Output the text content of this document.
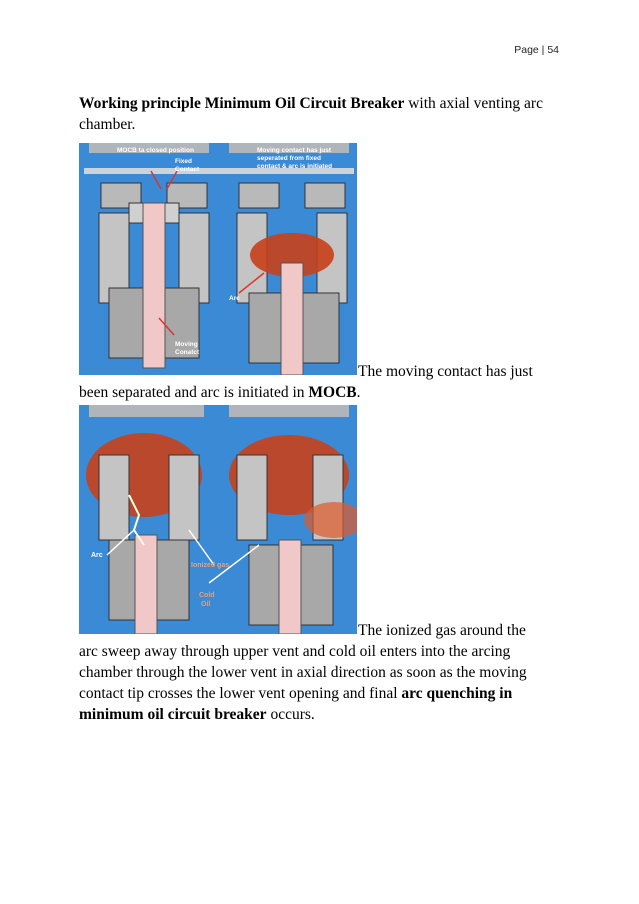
Page | 54
Working principle Minimum Oil Circuit Breaker with axial venting arc chamber.
MOCB ta closed position
Fixed
Contact
Moving contact has just
seperated from fixed
contact & arc is initiated
Arc
Moving
Conatct
The moving contact has just
been separated and arc is initiated in MOCB.
Arc
Ionized gas
Cold
Oil
The ionized gas around the
arc sweep away through upper vent and cold oil enters into the arcing chamber through the lower vent in axial direction as soon as the moving contact tip crosses the lower vent opening and final arc quenching in minimum oil circuit breaker occurs.
